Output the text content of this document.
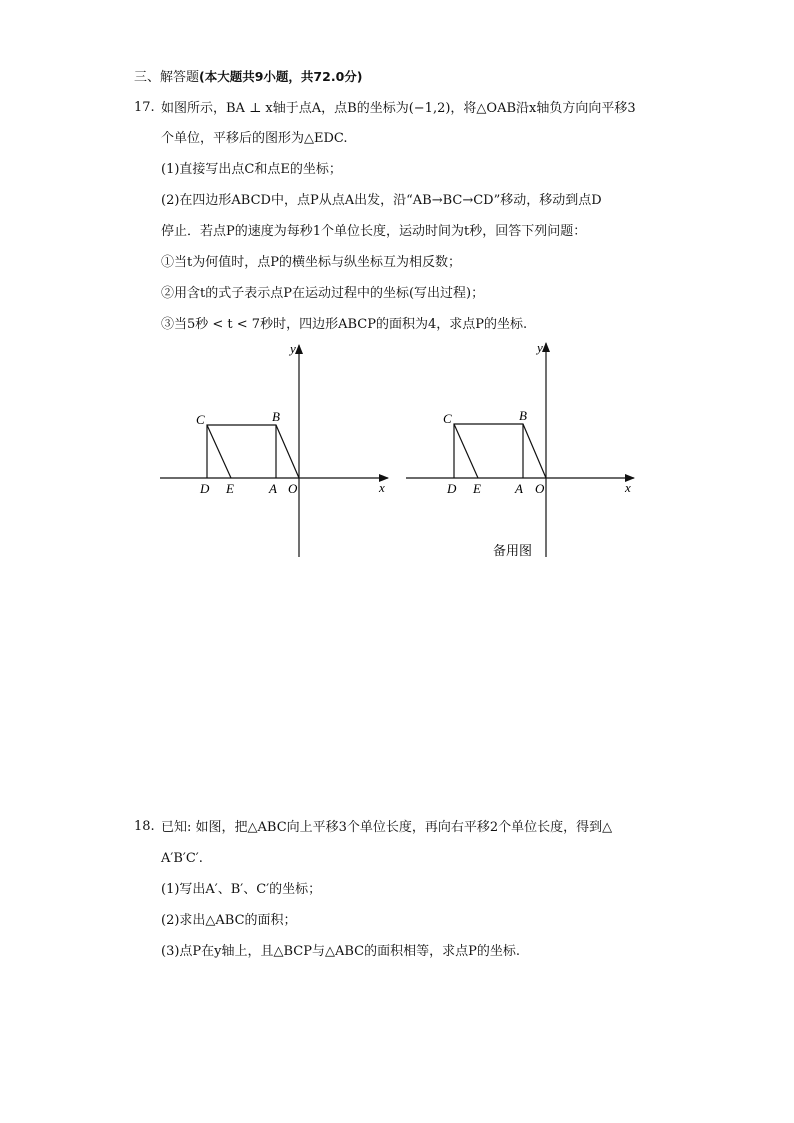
三、解答题(本大题共9小题，共72.0分)
17. 如图所示，BA ⊥ x轴于点A，点B的坐标为(−1,2)，将△OAB沿x轴负方向向平移3
个单位，平移后的图形为△EDC.
(1)直接写出点C和点E的坐标；
(2)在四边形ABCD中，点P从点A出发，沿“AB→BC→CD”移动，移动到点D
停止．若点P的速度为每秒1个单位长度，运动时间为t秒，回答下列问题：
①当t为何值时，点P的横坐标与纵坐标互为相反数；
②用含t的式子表示点P在运动过程中的坐标(写出过程)；
③当5秒 < t < 7秒时，四边形ABCP的面积为4，求点P的坐标.
y
x
C	B
D E	A O
y
x
C	B
D E	A O
备用图
18. 已知: 如图，把△ABC向上平移3个单位长度，再向右平移2个单位长度，得到△
A′B′C′.
(1)写出A′、B′、C′的坐标；
(2)求出△ABC的面积；
(3)点P在y轴上，且△BCP与△ABC的面积相等，求点P的坐标.
